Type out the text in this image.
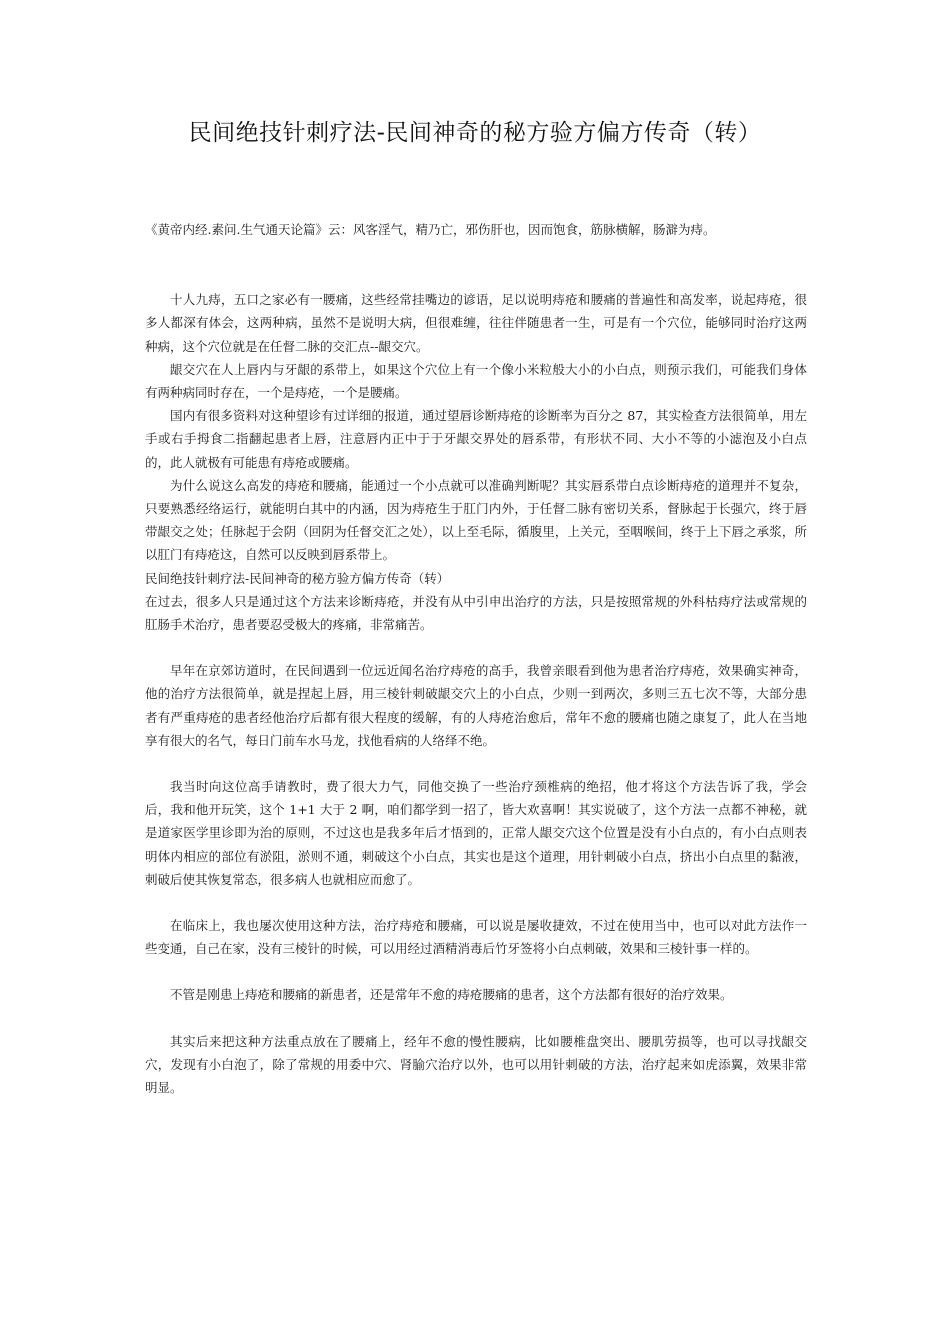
民间绝技针刺疗法-民间神奇的秘方验方偏方传奇（转）

《黄帝内经.素问.生气通天论篇》云：风客淫气，精乃亡，邪伤肝也，因而饱食，筋脉横解，肠澼为痔。

十人九痔，五口之家必有一腰痛，这些经常挂嘴边的谚语，足以说明痔疮和腰痛的普遍性和高发率，说起痔疮，很多人都深有体会，这两种病，虽然不是说明大病，但很难缠，往往伴随患者一生，可是有一个穴位，能够同时治疗这两种病，这个穴位就是在任督二脉的交汇点--龈交穴。

龈交穴在人上唇内与牙龈的系带上，如果这个穴位上有一个像小米粒般大小的小白点，则预示我们，可能我们身体有两种病同时存在，一个是痔疮，一个是腰痛。

国内有很多资料对这种望诊有过详细的报道，通过望唇诊断痔疮的诊断率为百分之 87，其实检查方法很简单，用左手或右手拇食二指翻起患者上唇，注意唇内正中于于牙龈交界处的唇系带，有形状不同、大小不等的小滤泡及小白点的，此人就极有可能患有痔疮或腰痛。

为什么说这么高发的痔疮和腰痛，能通过一个小点就可以准确判断呢？其实唇系带白点诊断痔疮的道理并不复杂，只要熟悉经络运行，就能明白其中的内涵，因为痔疮生于肛门内外，于任督二脉有密切关系，督脉起于长强穴，终于唇带龈交之处；任脉起于会阴（回阴为任督交汇之处），以上至毛际，循腹里，上关元，至咽喉间，终于上下唇之承浆，所以肛门有痔疮这，自然可以反映到唇系带上。

民间绝技针刺疗法-民间神奇的秘方验方偏方传奇（转）

在过去，很多人只是通过这个方法来诊断痔疮，并没有从中引申出治疗的方法，只是按照常规的外科枯痔疗法或常规的肛肠手术治疗，患者要忍受极大的疼痛，非常痛苦。

早年在京郊访道时，在民间遇到一位远近闻名治疗痔疮的高手，我曾亲眼看到他为患者治疗痔疮，效果确实神奇，他的治疗方法很简单，就是捏起上唇，用三棱针刺破龈交穴上的小白点，少则一到两次，多则三五七次不等，大部分患者有严重痔疮的患者经他治疗后都有很大程度的缓解，有的人痔疮治愈后，常年不愈的腰痛也随之康复了，此人在当地享有很大的名气，每日门前车水马龙，找他看病的人络绎不绝。

我当时向这位高手请教时，费了很大力气，同他交换了一些治疗颈椎病的绝招，他才将这个方法告诉了我，学会后，我和他开玩笑，这个 1+1 大于 2 啊，咱们都学到一招了，皆大欢喜啊！其实说破了，这个方法一点都不神秘，就是道家医学里诊即为治的原则，不过这也是我多年后才悟到的，正常人龈交穴这个位置是没有小白点的，有小白点则表明体内相应的部位有淤阻，淤则不通，刺破这个小白点，其实也是这个道理，用针刺破小白点，挤出小白点里的黏液，刺破后使其恢复常态，很多病人也就相应而愈了。

在临床上，我也屡次使用这种方法，治疗痔疮和腰痛，可以说是屡收捷效，不过在使用当中，也可以对此方法作一些变通，自己在家，没有三棱针的时候，可以用经过酒精消毒后竹牙签将小白点刺破，效果和三棱针事一样的。

不管是刚患上痔疮和腰痛的新患者，还是常年不愈的痔疮腰痛的患者，这个方法都有很好的治疗效果。

其实后来把这种方法重点放在了腰痛上，经年不愈的慢性腰病，比如腰椎盘突出、腰肌劳损等，也可以寻找龈交穴，发现有小白泡了，除了常规的用委中穴、肾腧穴治疗以外，也可以用针刺破的方法，治疗起来如虎添翼，效果非常明显。
